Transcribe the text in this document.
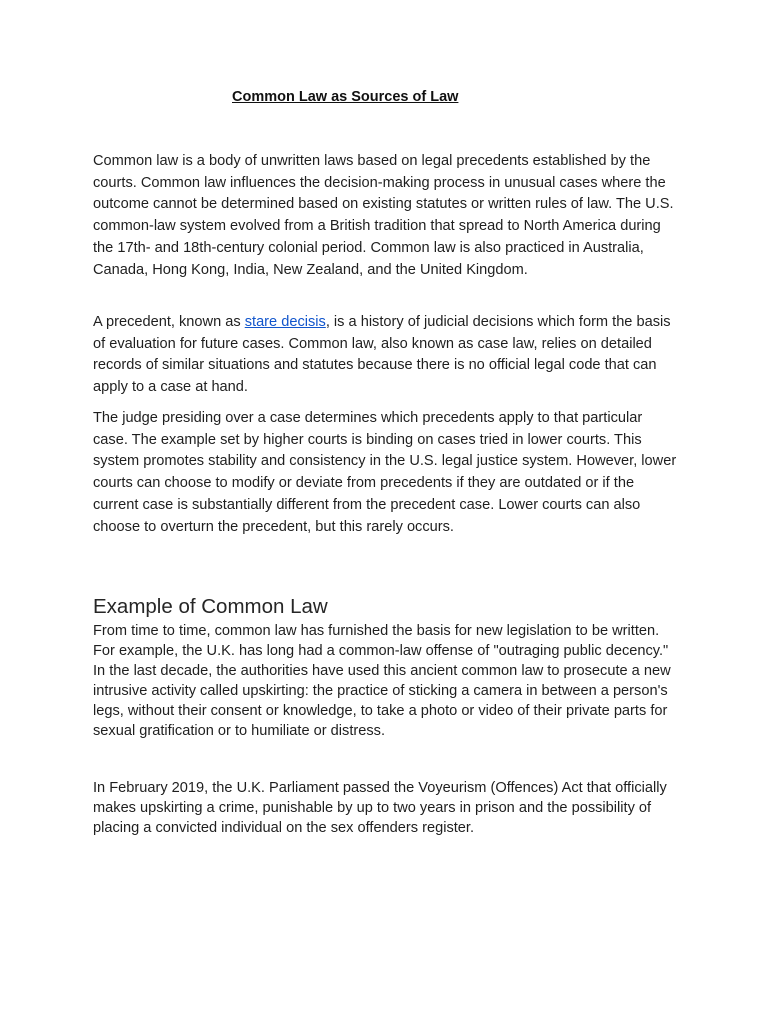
Common Law as Sources of Law

Common law is a body of unwritten laws based on legal precedents established by the courts. Common law influences the decision-making process in unusual cases where the outcome cannot be determined based on existing statutes or written rules of law. The U.S. common-law system evolved from a British tradition that spread to North America during the 17th- and 18th-century colonial period. Common law is also practiced in Australia, Canada, Hong Kong, India, New Zealand, and the United Kingdom.

A precedent, known as stare decisis, is a history of judicial decisions which form the basis of evaluation for future cases. Common law, also known as case law, relies on detailed records of similar situations and statutes because there is no official legal code that can apply to a case at hand.

The judge presiding over a case determines which precedents apply to that particular case. The example set by higher courts is binding on cases tried in lower courts. This system promotes stability and consistency in the U.S. legal justice system. However, lower courts can choose to modify or deviate from precedents if they are outdated or if the current case is substantially different from the precedent case. Lower courts can also choose to overturn the precedent, but this rarely occurs.

Example of Common Law

From time to time, common law has furnished the basis for new legislation to be written. For example, the U.K. has long had a common-law offense of "outraging public decency." In the last decade, the authorities have used this ancient common law to prosecute a new intrusive activity called upskirting: the practice of sticking a camera in between a person's legs, without their consent or knowledge, to take a photo or video of their private parts for sexual gratification or to humiliate or distress.

In February 2019, the U.K. Parliament passed the Voyeurism (Offences) Act that officially makes upskirting a crime, punishable by up to two years in prison and the possibility of placing a convicted individual on the sex offenders register.
